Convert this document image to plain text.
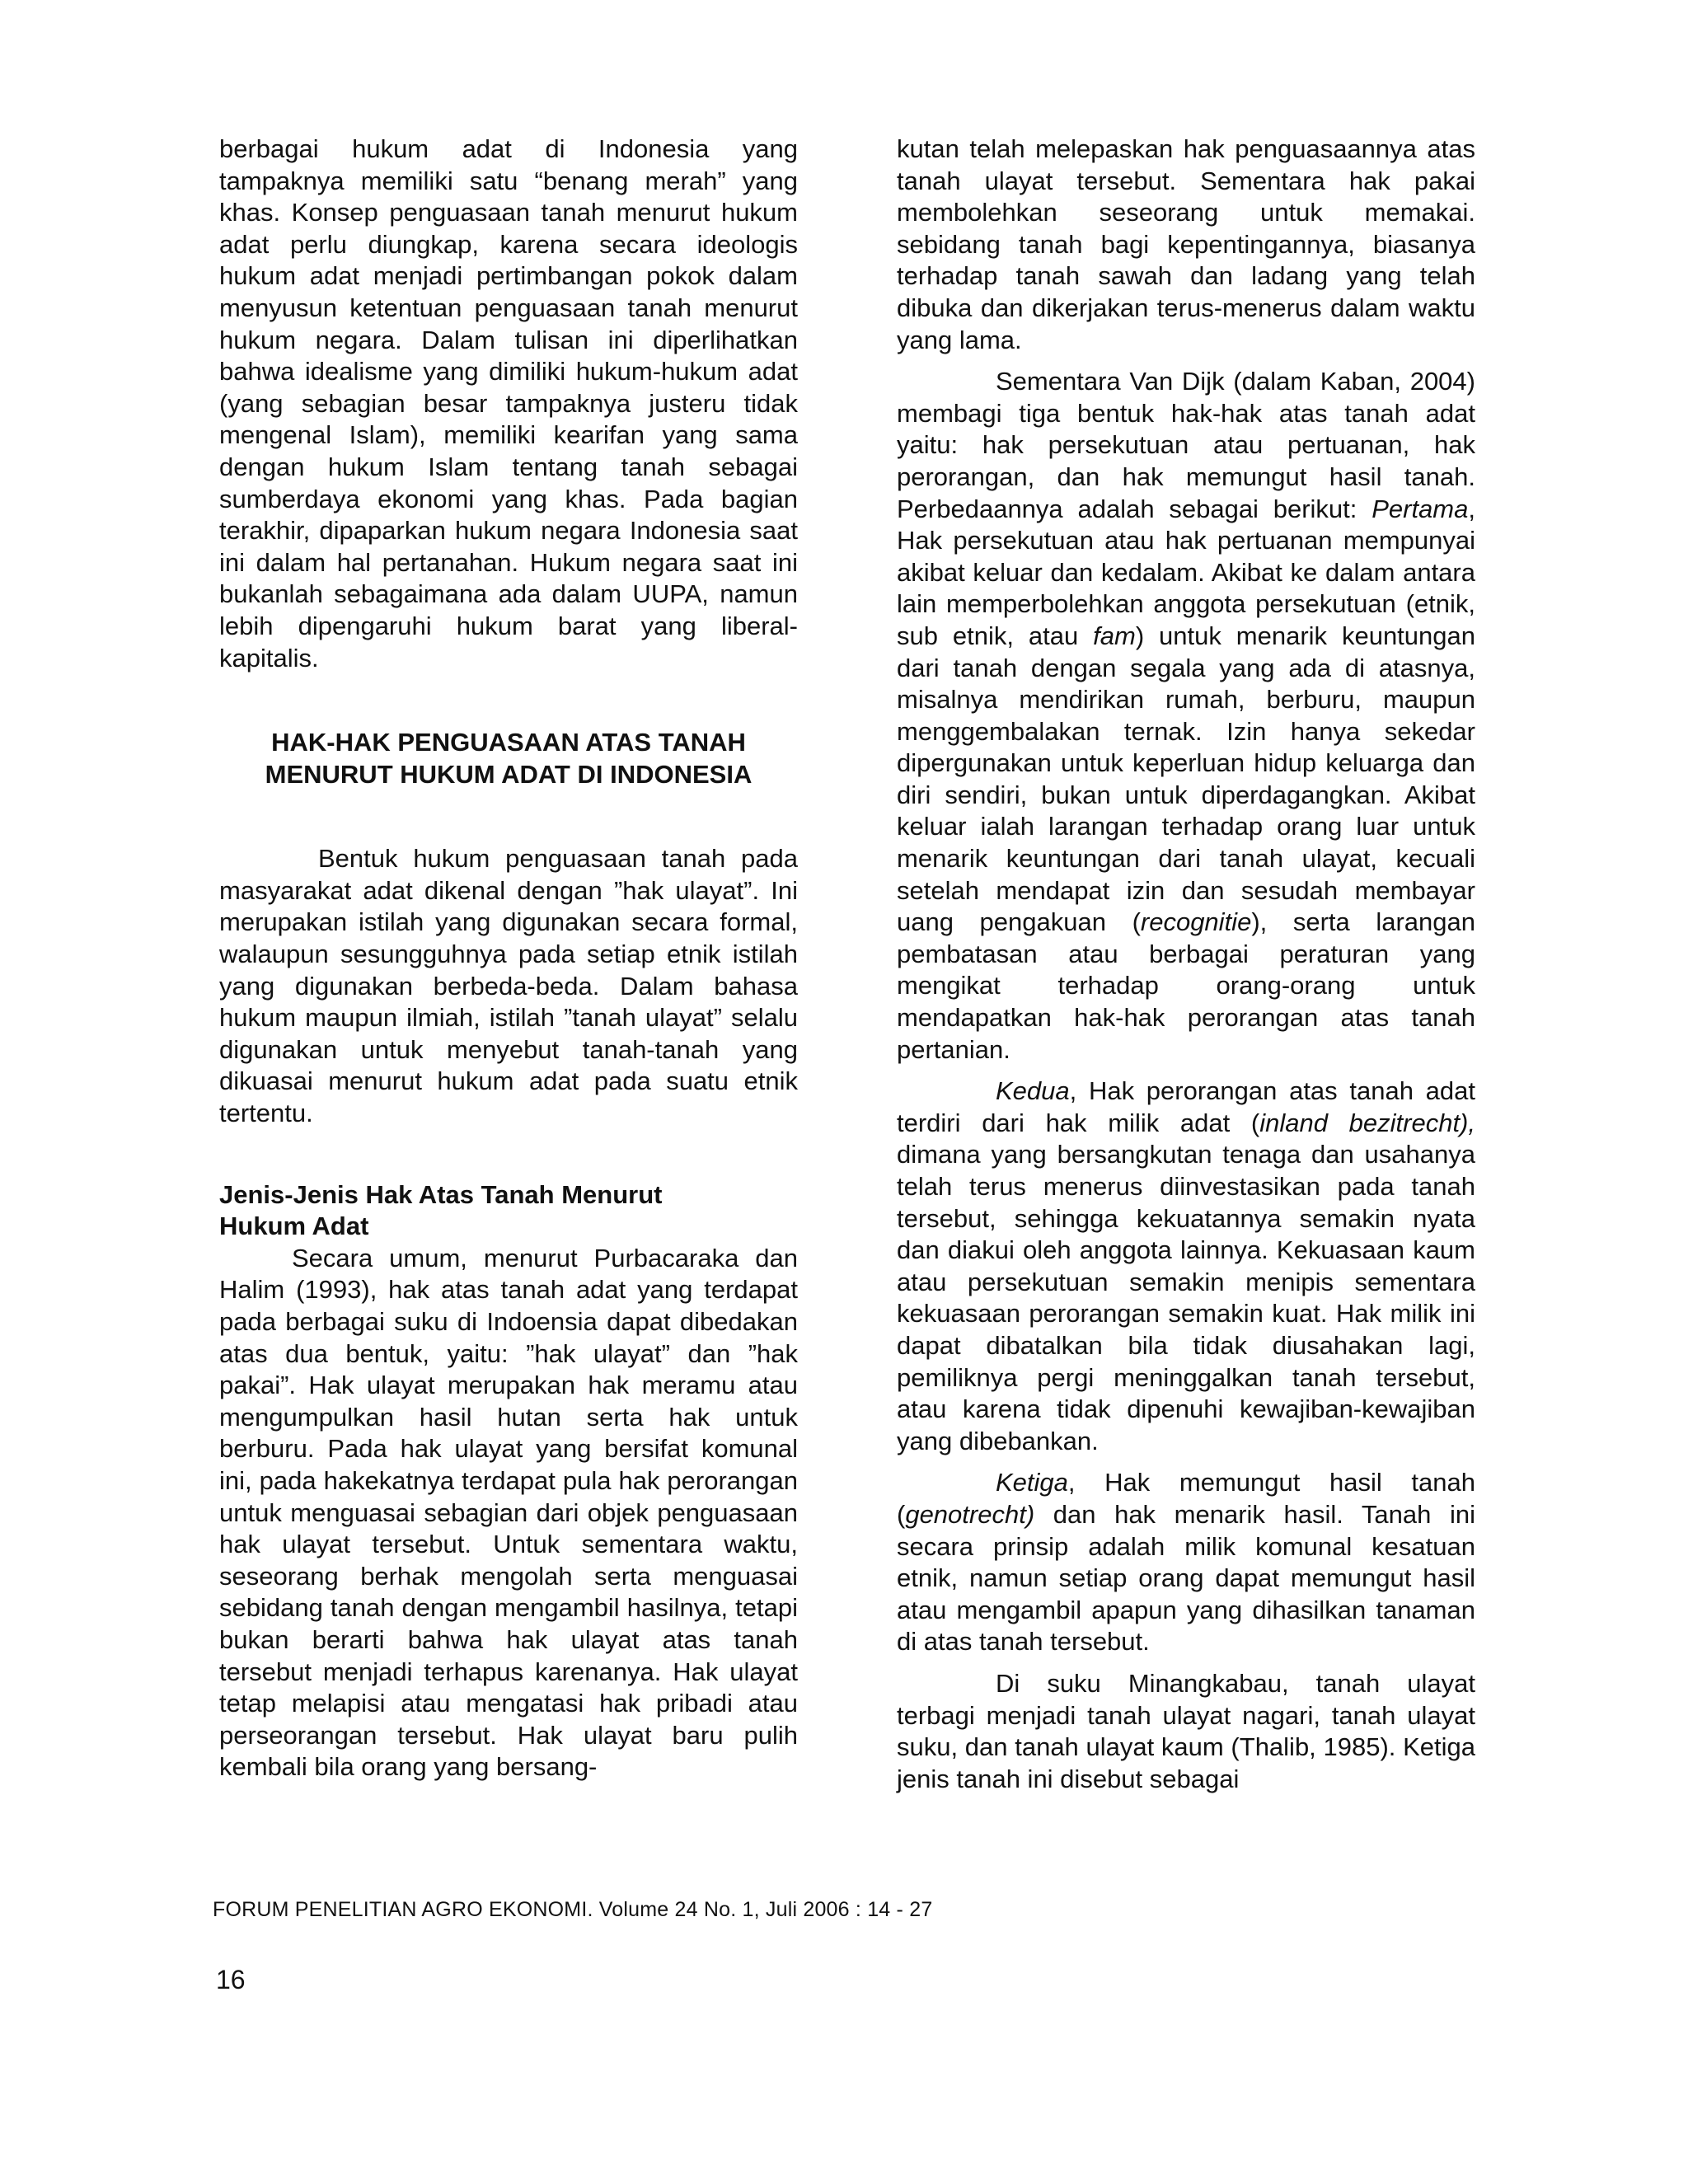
berbagai hukum adat di Indonesia yang tampaknya memiliki satu “benang merah” yang khas. Konsep penguasaan tanah menurut hukum adat perlu diungkap, karena secara ideologis hukum adat menjadi pertimbangan pokok dalam menyusun ketentuan penguasaan tanah menurut hukum negara. Dalam tulisan ini diperlihatkan bahwa idealisme yang dimiliki hukum-hukum adat (yang sebagian besar tampaknya justeru tidak mengenal Islam), memiliki kearifan yang sama dengan hukum Islam tentang tanah sebagai sumberdaya ekonomi yang khas. Pada bagian terakhir, dipaparkan hukum negara Indonesia saat ini dalam hal pertanahan. Hukum negara saat ini bukanlah sebagaimana ada dalam UUPA, namun lebih dipengaruhi hukum barat yang liberal-kapitalis.

HAK-HAK PENGUASAAN ATAS TANAH
MENURUT HUKUM ADAT DI INDONESIA

Bentuk hukum penguasaan tanah pada masyarakat adat dikenal dengan ”hak ulayat”. Ini merupakan istilah yang digunakan secara formal, walaupun sesungguhnya pada setiap etnik istilah yang digunakan berbeda-beda. Dalam bahasa hukum maupun ilmiah, istilah ”tanah ulayat” selalu digunakan untuk menyebut tanah-tanah yang dikuasai menurut hukum adat pada suatu etnik tertentu.

Jenis-Jenis Hak Atas Tanah Menurut
Hukum Adat

Secara umum, menurut Purbacaraka dan Halim (1993), hak atas tanah adat yang terdapat pada berbagai suku di Indoensia dapat dibedakan atas dua bentuk, yaitu: ”hak ulayat” dan ”hak pakai”. Hak ulayat merupakan hak meramu atau mengumpulkan hasil hutan serta hak untuk berburu. Pada hak ulayat yang bersifat komunal ini, pada hakekatnya terdapat pula hak perorangan untuk menguasai sebagian dari objek penguasaan hak ulayat tersebut. Untuk sementara waktu, seseorang berhak mengolah serta menguasai sebidang tanah dengan mengambil hasilnya, tetapi bukan berarti bahwa hak ulayat atas tanah tersebut menjadi terhapus karenanya. Hak ulayat tetap melapisi atau mengatasi hak pribadi atau perseorangan tersebut. Hak ulayat baru pulih kembali bila orang yang bersang-

kutan telah melepaskan hak penguasaannya atas tanah ulayat tersebut. Sementara hak pakai membolehkan seseorang untuk memakai. sebidang tanah bagi kepentingannya, biasanya terhadap tanah sawah dan ladang yang telah dibuka dan dikerjakan terus-menerus dalam waktu yang lama.

Sementara Van Dijk (dalam Kaban, 2004) membagi tiga bentuk hak-hak atas tanah adat yaitu: hak persekutuan atau pertuanan, hak perorangan, dan hak memungut hasil tanah. Perbedaannya adalah sebagai berikut: Pertama, Hak persekutuan atau hak pertuanan mempunyai akibat keluar dan kedalam. Akibat ke dalam antara lain memperbolehkan anggota persekutuan (etnik, sub etnik, atau fam) untuk menarik keuntungan dari tanah dengan segala yang ada di atasnya, misalnya mendirikan rumah, berburu, maupun menggembalakan ternak. Izin hanya sekedar dipergunakan untuk keperluan hidup keluarga dan diri sendiri, bukan untuk diperdagangkan. Akibat keluar ialah larangan terhadap orang luar untuk menarik keuntungan dari tanah ulayat, kecuali setelah mendapat izin dan sesudah membayar uang pengakuan (recognitie), serta larangan pembatasan atau berbagai peraturan yang mengikat terhadap orang-orang untuk mendapatkan hak-hak perorangan atas tanah pertanian.

Kedua, Hak perorangan atas tanah adat terdiri dari hak milik adat (inland bezitrecht), dimana yang bersangkutan tenaga dan usahanya telah terus menerus diinvestasikan pada tanah tersebut, sehingga kekuatannya semakin nyata dan diakui oleh anggota lainnya. Kekuasaan kaum atau persekutuan semakin menipis sementara kekuasaan perorangan semakin kuat. Hak milik ini dapat dibatalkan bila tidak diusahakan lagi, pemiliknya pergi meninggalkan tanah tersebut, atau karena tidak dipenuhi kewajiban-kewajiban yang dibebankan.

Ketiga, Hak memungut hasil tanah (genotrecht) dan hak menarik hasil. Tanah ini secara prinsip adalah milik komunal kesatuan etnik, namun setiap orang dapat memungut hasil atau mengambil apapun yang dihasilkan tanaman di atas tanah tersebut.

Di suku Minangkabau, tanah ulayat terbagi menjadi tanah ulayat nagari, tanah ulayat suku, dan tanah ulayat kaum (Thalib, 1985). Ketiga jenis tanah ini disebut sebagai

FORUM PENELITIAN AGRO EKONOMI. Volume 24 No. 1, Juli 2006 : 14 - 27
16
